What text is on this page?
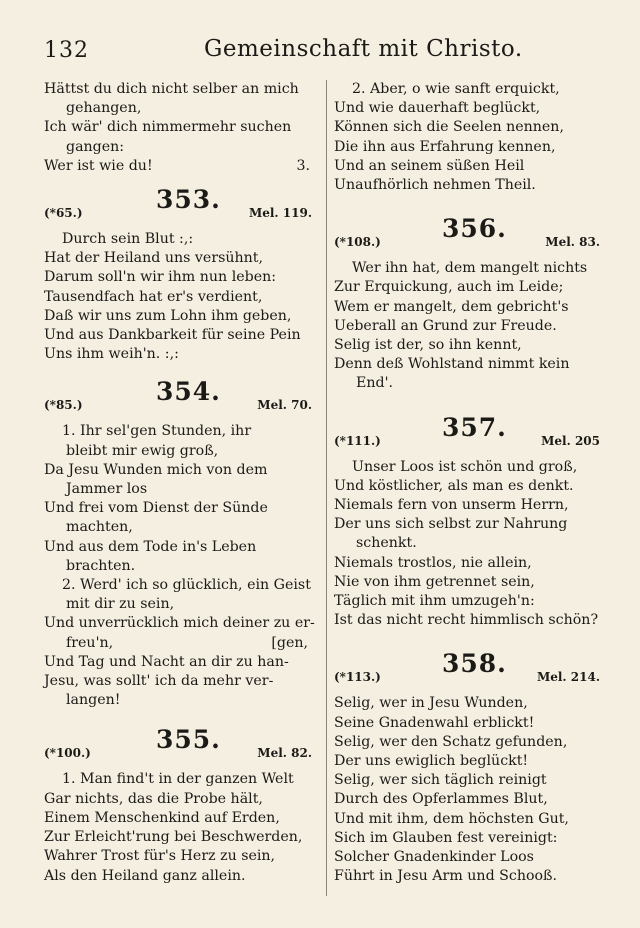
132	Gemeinschaft mit Christo.
Hättst du dich nicht selber an mich
gehangen,
Ich wär' dich nimmermehr suchen
gangen:
Wer ist wie du!	3.
(*65.)	353. Mel. 119.
Durch sein Blut :,:
Hat der Heiland uns versühnt,
Darum soll'n wir ihm nun leben:
Tausendfach hat er's verdient,
Daß wir uns zum Lohn ihm geben,
Und aus Dankbarkeit für seine Pein
Uns ihm weih'n. :,:
(*85.)	354.	Mel. 70.
1. Ihr sel'gen Stunden, ihr
bleibt mir ewig groß,
Da Jesu Wunden mich von dem
Jammer los
Und frei vom Dienst der Sünde
machten,
Und aus dem Tode in's Leben
brachten.
2. Werd' ich so glücklich, ein Geist
mit dir zu sein,
Und unverrücklich mich deiner zu er-
freu'n,	[gen,
Und Tag und Nacht an dir zu han-
Jesu, was sollt' ich da mehr ver-
langen!
(*100.)	355.	Mel. 82.
1. Man find't in der ganzen Welt
Gar nichts, das die Probe hält,
Einem Menschenkind auf Erden,
Zur Erleicht'rung bei Beschwerden,
Wahrer Trost für's Herz zu sein,
Als den Heiland ganz allein.
2. Aber, o wie sanft erquickt,
Und wie dauerhaft beglückt,
Können sich die Seelen nennen,
Die ihn aus Erfahrung kennen,
Und an seinem süßen Heil
Unaufhörlich nehmen Theil.
(*108.) 356.	Mel. 83.
Wer ihn hat, dem mangelt nichts
Zur Erquickung, auch im Leide;
Wem er mangelt, dem gebricht's
Ueberall an Grund zur Freude.
Selig ist der, so ihn kennt,
Denn deß Wohlstand nimmt kein
End'.
(*111.) 357.	Mel. 205
Unser Loos ist schön und groß,
Und köstlicher, als man es denkt.
Niemals fern von unserm Herrn,
Der uns sich selbst zur Nahrung
schenkt.
Niemals trostlos, nie allein,
Nie von ihm getrennet sein,
Täglich mit ihm umzugeh'n:
Ist das nicht recht himmlisch schön?
(*113.) 358.	Mel. 214.
Selig, wer in Jesu Wunden,
Seine Gnadenwahl erblickt!
Selig, wer den Schatz gefunden,
Der uns ewiglich beglückt!
Selig, wer sich täglich reinigt
Durch des Opferlammes Blut,
Und mit ihm, dem höchsten Gut,
Sich im Glauben fest vereinigt:
Solcher Gnadenkinder Loos
Führt in Jesu Arm und Schooß.
